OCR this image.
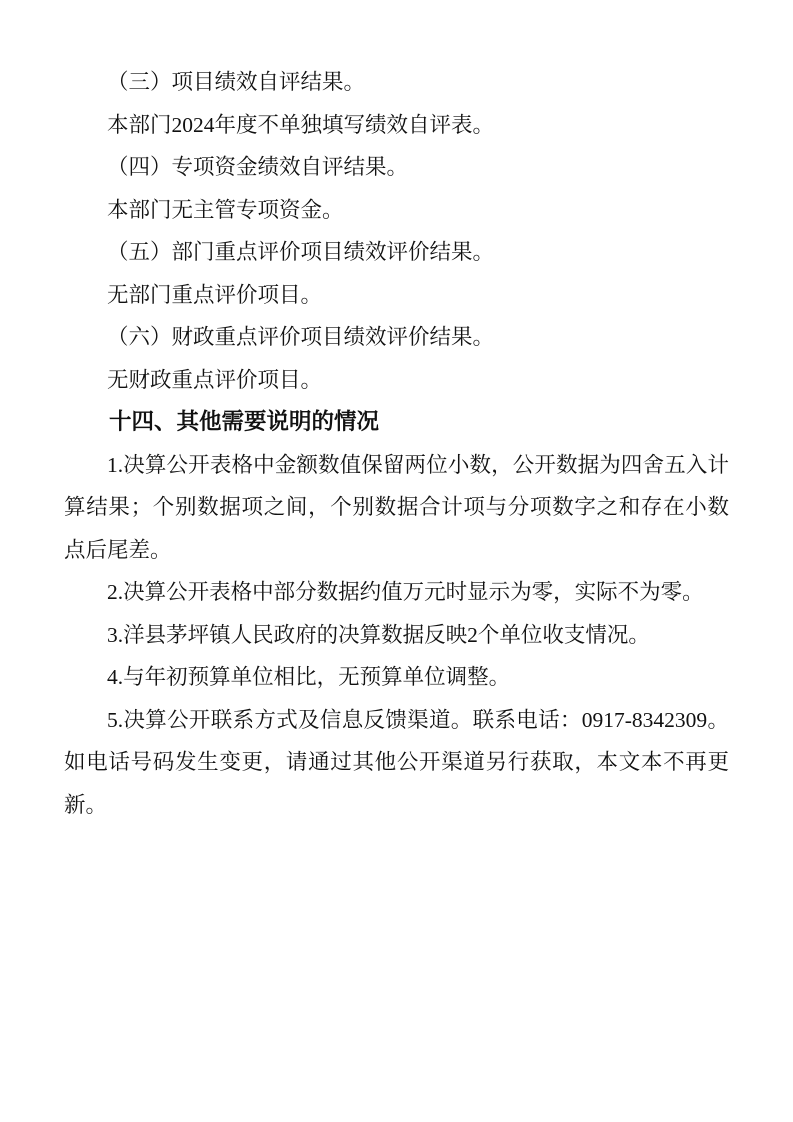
（三）项目绩效自评结果。

本部门2024年度不单独填写绩效自评表。

（四）专项资金绩效自评结果。

本部门无主管专项资金。

（五）部门重点评价项目绩效评价结果。

无部门重点评价项目。

（六）财政重点评价项目绩效评价结果。

无财政重点评价项目。

十四、其他需要说明的情况

1.决算公开表格中金额数值保留两位小数，公开数据为四舍五入计算结果；个别数据项之间，个别数据合计项与分项数字之和存在小数点后尾差。

2.决算公开表格中部分数据约值万元时显示为零，实际不为零。

3.洋县茅坪镇人民政府的决算数据反映2个单位收支情况。

4.与年初预算单位相比，无预算单位调整。

5.决算公开联系方式及信息反馈渠道。联系电话：0917-8342309。如电话号码发生变更，请通过其他公开渠道另行获取，本文本不再更新。
